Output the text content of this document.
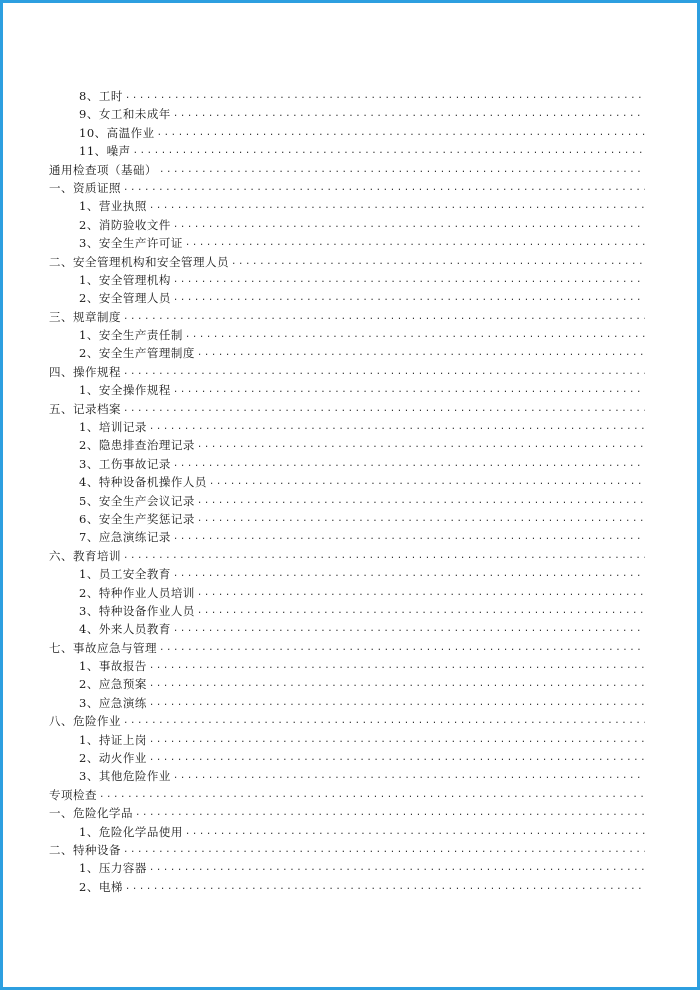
8、工时
.....
9、女工和未成年
.....
10、高温作业
.....
11、噪声
.....
通用检查项（基础）
.....
一、资质证照
.....
1、营业执照
.....
2、消防验收文件
.....
3、安全生产许可证
.....
二、安全管理机构和安全管理人员
.....
1、安全管理机构
.....
2、安全管理人员
.....
三、规章制度
.....
1、安全生产责任制
.....
2、安全生产管理制度
.....
四、操作规程
.....
1、安全操作规程
.....
五、记录档案
.....
1、培训记录
.....
2、隐患排查治理记录
.....
3、工伤事故记录
.....
4、特种设备机操作人员
.....
5、安全生产会议记录
.....
6、安全生产奖惩记录
.....
7、应急演练记录
.....
六、教育培训
.....
1、员工安全教育
.....
2、特种作业人员培训
.....
3、特种设备作业人员
.....
4、外来人员教育
.....
七、事故应急与管理
.....
1、事故报告
.....
2、应急预案
.....
3、应急演练
.....
八、危险作业
.....
1、持证上岗
.....
2、动火作业
.....
3、其他危险作业
.....
专项检查
.....
一、危险化学品
.....
1、危险化学品使用
.....
二、特种设备
.....
1、压力容器
.....
2、电梯
.....
